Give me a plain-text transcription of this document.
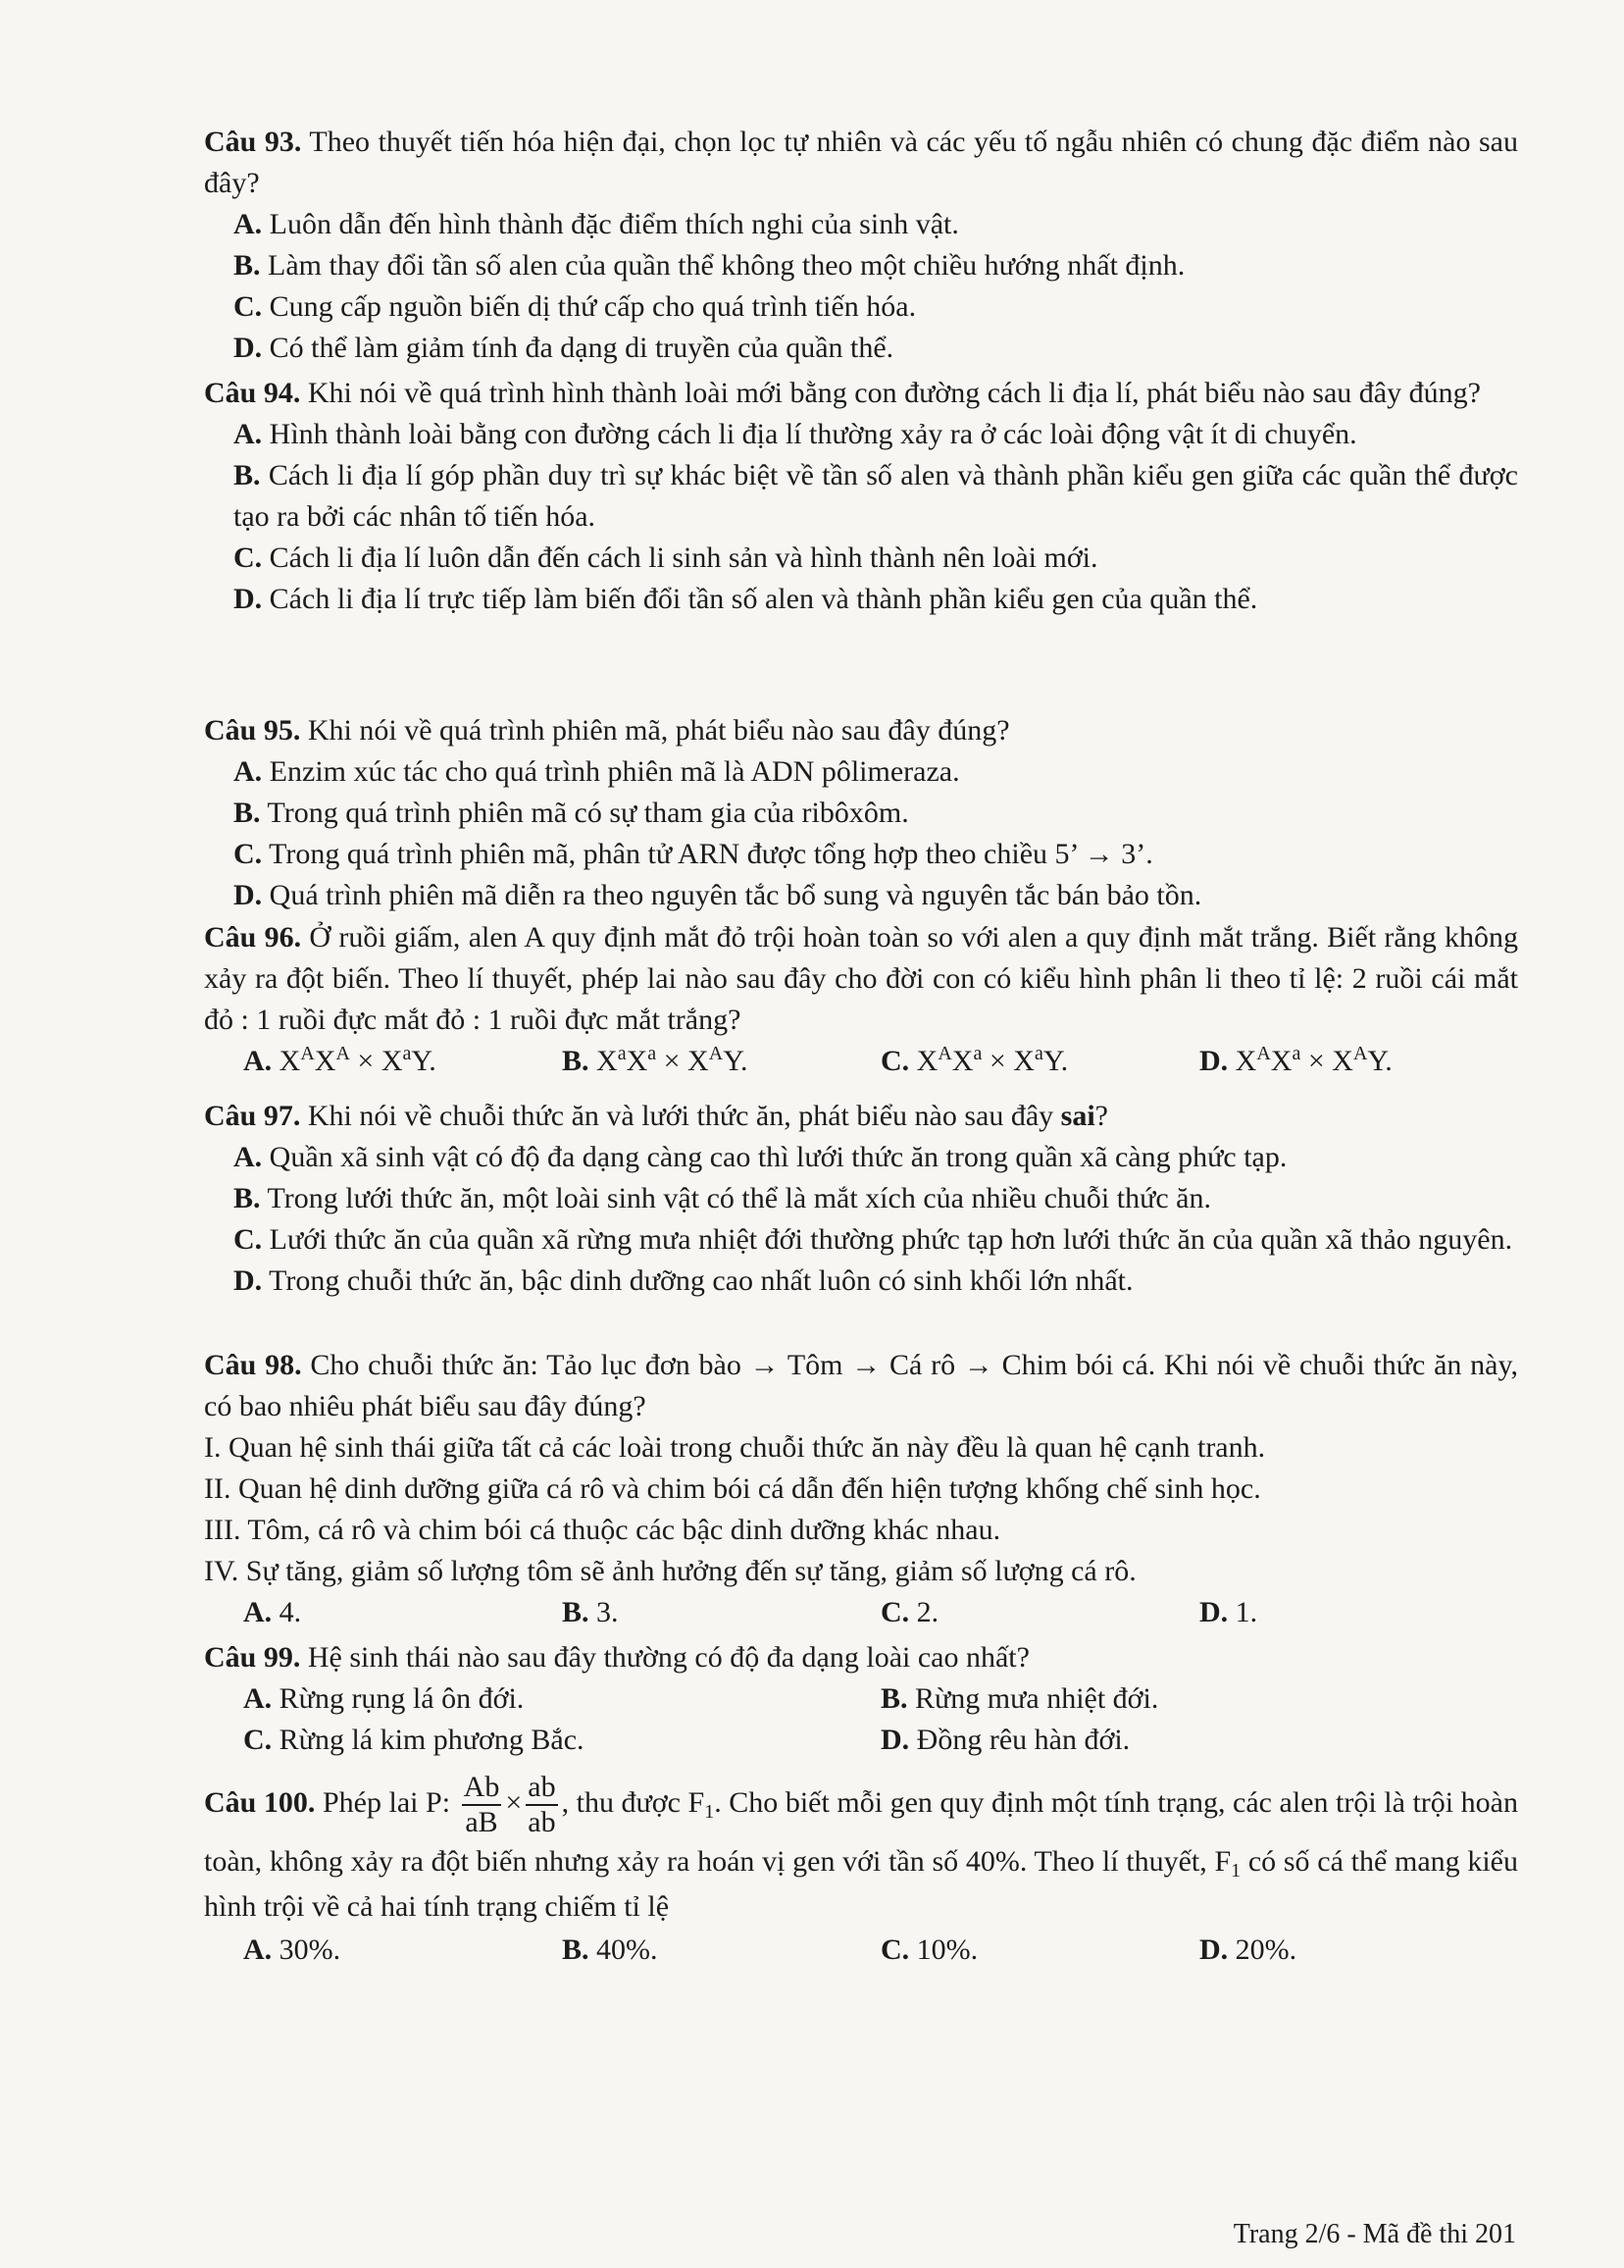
Câu 93. Theo thuyết tiến hóa hiện đại, chọn lọc tự nhiên và các yếu tố ngẫu nhiên có chung đặc điểm nào sau đây?
A. Luôn dẫn đến hình thành đặc điểm thích nghi của sinh vật.
B. Làm thay đổi tần số alen của quần thể không theo một chiều hướng nhất định.
C. Cung cấp nguồn biến dị thứ cấp cho quá trình tiến hóa.
D. Có thể làm giảm tính đa dạng di truyền của quần thể.
Câu 94. Khi nói về quá trình hình thành loài mới bằng con đường cách li địa lí, phát biểu nào sau đây đúng?
A. Hình thành loài bằng con đường cách li địa lí thường xảy ra ở các loài động vật ít di chuyển.
B. Cách li địa lí góp phần duy trì sự khác biệt về tần số alen và thành phần kiểu gen giữa các quần thể được tạo ra bởi các nhân tố tiến hóa.
C. Cách li địa lí luôn dẫn đến cách li sinh sản và hình thành nên loài mới.
D. Cách li địa lí trực tiếp làm biến đổi tần số alen và thành phần kiểu gen của quần thể.
Câu 95. Khi nói về quá trình phiên mã, phát biểu nào sau đây đúng?
A. Enzim xúc tác cho quá trình phiên mã là ADN pôlimeraza.
B. Trong quá trình phiên mã có sự tham gia của ribôxôm.
C. Trong quá trình phiên mã, phân tử ARN được tổng hợp theo chiều 5’ → 3’.
D. Quá trình phiên mã diễn ra theo nguyên tắc bổ sung và nguyên tắc bán bảo tồn.
Câu 96. Ở ruồi giấm, alen A quy định mắt đỏ trội hoàn toàn so với alen a quy định mắt trắng. Biết rằng không xảy ra đột biến. Theo lí thuyết, phép lai nào sau đây cho đời con có kiểu hình phân li theo tỉ lệ: 2 ruồi cái mắt đỏ : 1 ruồi đực mắt đỏ : 1 ruồi đực mắt trắng?
A. $X^AX^A \times X^aY$.	B. $X^aX^a \times X^AY$.	C. $X^AX^a \times X^aY$.	D. $X^AX^a \times X^AY$.
Câu 97. Khi nói về chuỗi thức ăn và lưới thức ăn, phát biểu nào sau đây sai?
A. Quần xã sinh vật có độ đa dạng càng cao thì lưới thức ăn trong quần xã càng phức tạp.
B. Trong lưới thức ăn, một loài sinh vật có thể là mắt xích của nhiều chuỗi thức ăn.
C. Lưới thức ăn của quần xã rừng mưa nhiệt đới thường phức tạp hơn lưới thức ăn của quần xã thảo nguyên.
D. Trong chuỗi thức ăn, bậc dinh dưỡng cao nhất luôn có sinh khối lớn nhất.
Câu 98. Cho chuỗi thức ăn: Tảo lục đơn bào → Tôm → Cá rô → Chim bói cá. Khi nói về chuỗi thức ăn này, có bao nhiêu phát biểu sau đây đúng?
I. Quan hệ sinh thái giữa tất cả các loài trong chuỗi thức ăn này đều là quan hệ cạnh tranh.
II. Quan hệ dinh dưỡng giữa cá rô và chim bói cá dẫn đến hiện tượng khống chế sinh học.
III. Tôm, cá rô và chim bói cá thuộc các bậc dinh dưỡng khác nhau.
IV. Sự tăng, giảm số lượng tôm sẽ ảnh hưởng đến sự tăng, giảm số lượng cá rô.
A. 4.	B. 3.	C. 2.	D. 1.
Câu 99. Hệ sinh thái nào sau đây thường có độ đa dạng loài cao nhất?
A. Rừng rụng lá ôn đới.	B. Rừng mưa nhiệt đới.
C. Rừng lá kim phương Bắc.	D. Đồng rêu hàn đới.
Câu 100. Phép lai P: $\frac{Ab}{aB} \times \frac{ab}{ab}$ , thu được $F_1$. Cho biết mỗi gen quy định một tính trạng, các alen trội là trội hoàn toàn, không xảy ra đột biến nhưng xảy ra hoán vị gen với tần số 40%. Theo lí thuyết, $F_1$ có số cá thể mang kiểu hình trội về cả hai tính trạng chiếm tỉ lệ
A. 30%.	B. 40%.	C. 10%.	D. 20%.
Trang 2/6 - Mã đề thi 201
